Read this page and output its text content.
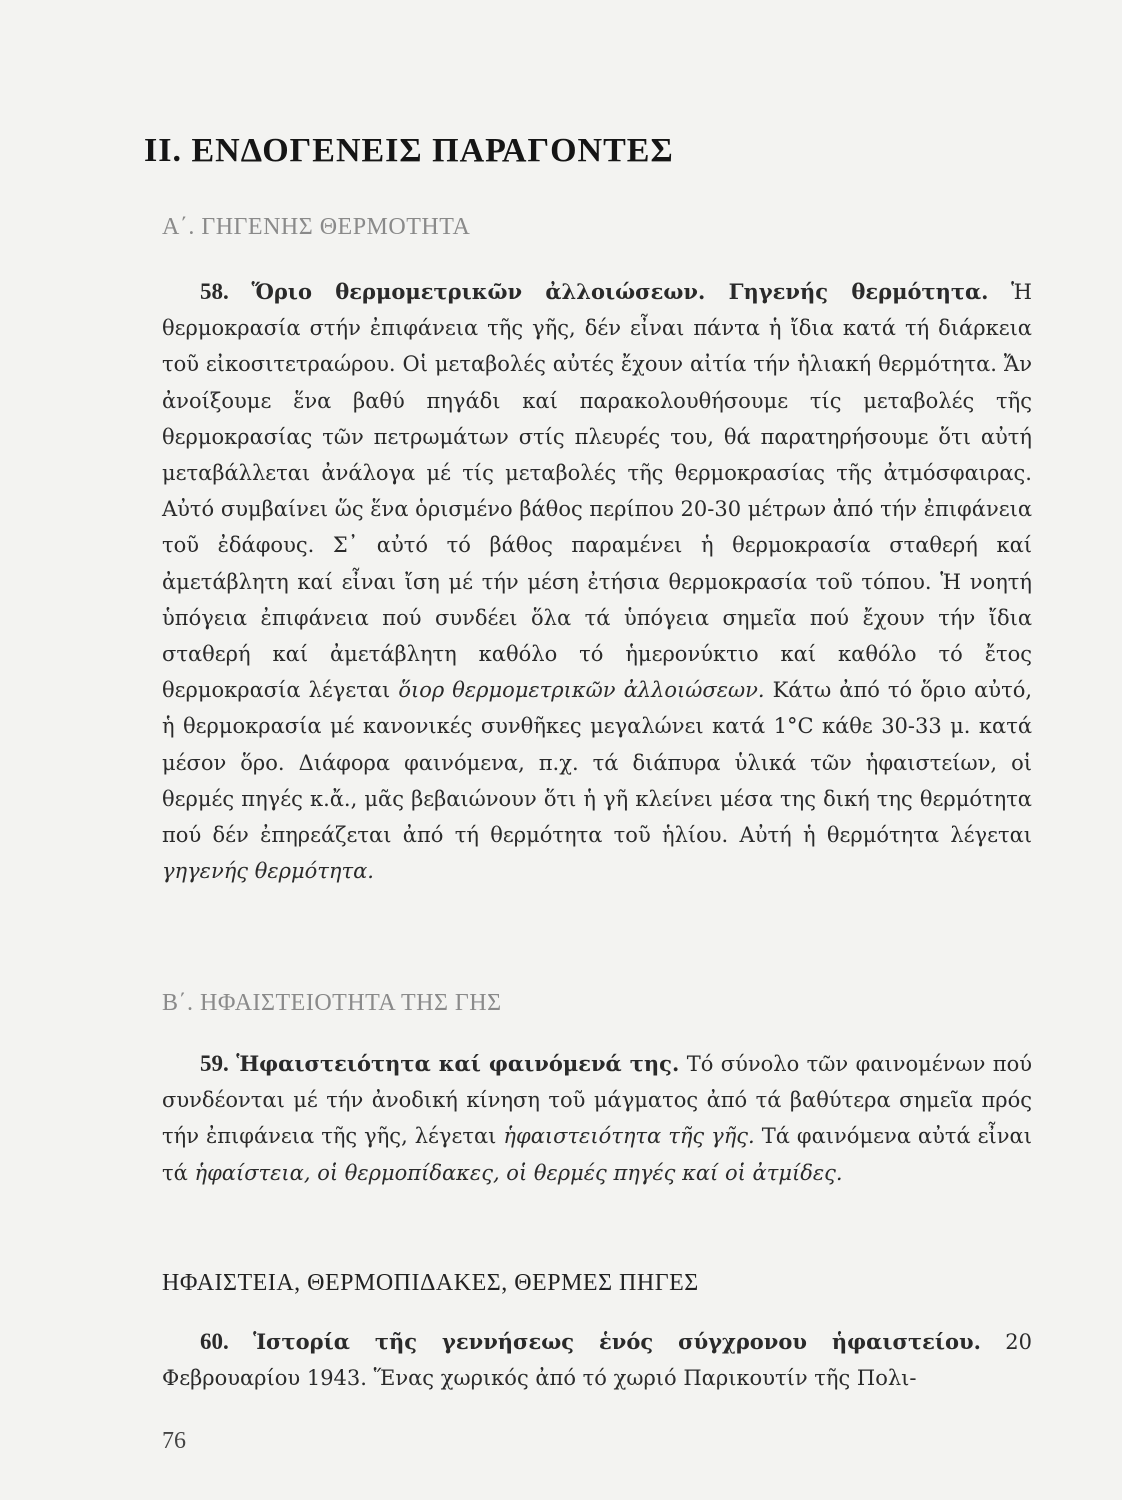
II. ΕΝΔΟΓΕΝΕΙΣ ΠΑΡΑΓΟΝΤΕΣ
Α΄. ΓΗΓΕΝΗΣ ΘΕΡΜΟΤΗΤΑ

58. Ὅριο θερμομετρικῶν ἀλλοιώσεων. Γηγενής θερμότητα. Ἡ θερμοκρασία στήν ἐπιφάνεια τῆς γῆς, δέν εἶναι πάντα ἡ ἴδια κατά τή διάρκεια τοῦ εἰκοσιτετραώρου. Οἱ μεταβολές αὐτές ἔχουν αἰτία τήν ἡλιακή θερμότητα. Ἄν ἀνοίξουμε ἕνα βαθύ πηγάδι καί παρακολουθήσουμε τίς μεταβολές τῆς θερμοκρασίας τῶν πετρωμάτων στίς πλευρές του, θά παρατηρήσουμε ὅτι αὐτή μεταβάλλεται ἀνάλογα μέ τίς μεταβολές τῆς θερμοκρασίας τῆς ἀτμόσφαιρας. Αὐτό συμβαίνει ὥς ἕνα ὁρισμένο βάθος περίπου 20-30 μέτρων ἀπό τήν ἐπιφάνεια τοῦ ἐδάφους. Σ᾽ αὐτό τό βάθος παραμένει ἡ θερμοκρασία σταθερή καί ἀμετάβλητη καί εἶναι ἴση μέ τήν μέση ἐτήσια θερμοκρασία τοῦ τόπου. Ἡ νοητή ὑπόγεια ἐπιφάνεια πού συνδέει ὅλα τά ὑπόγεια σημεῖα πού ἔχουν τήν ἴδια σταθερή καί ἀμετάβλητη καθόλο τό ἡμερονύκτιο καί καθόλο τό ἔτος θερμοκρασία λέγεται ὅιορ θερμομετρικῶν ἀλλοιώσεων. Κάτω ἀπό τό ὅριο αὐτό, ἡ θερμοκρασία μέ κανονικές συνθῆκες μεγαλώνει κατά 1°C κάθε 30-33 μ. κατά μέσον ὅρο. Διάφορα φαινόμενα, π.χ. τά διάπυρα ὑλικά τῶν ἡφαιστείων, οἱ θερμές πηγές κ.ἄ., μᾶς βεβαιώνουν ὅτι ἡ γῆ κλείνει μέσα της δική της θερμότητα πού δέν ἐπηρεάζεται ἀπό τή θερμότητα τοῦ ἡλίου. Αὐτή ἡ θερμότητα λέγεται γηγενής θερμότητα.

Β΄. ΗΦΑΙΣΤΕΙΟΤΗΤΑ ΤΗΣ ΓΗΣ

59. Ἡφαιστειότητα καί φαινόμενά της. Τό σύνολο τῶν φαινομένων πού συνδέονται μέ τήν ἀνοδική κίνηση τοῦ μάγματος ἀπό τά βαθύτερα σημεῖα πρός τήν ἐπιφάνεια τῆς γῆς, λέγεται ἡφαιστειότητα τῆς γῆς. Τά φαινόμενα αὐτά εἶναι τά ἡφαίστεια, οἱ θερμοπίδακες, οἱ θερμές πηγές καί οἱ ἀτμίδες.

ΗΦΑΙΣΤΕΙΑ, ΘΕΡΜΟΠΙΔΑΚΕΣ, ΘΕΡΜΕΣ ΠΗΓΕΣ

60. Ἱστορία τῆς γεννήσεως ἑνός σύγχρονου ἡφαιστείου. 20 Φεβρουαρίου 1943. Ἕνας χωρικός ἀπό τό χωριό Παρικουτίν τῆς Πολι-

76
